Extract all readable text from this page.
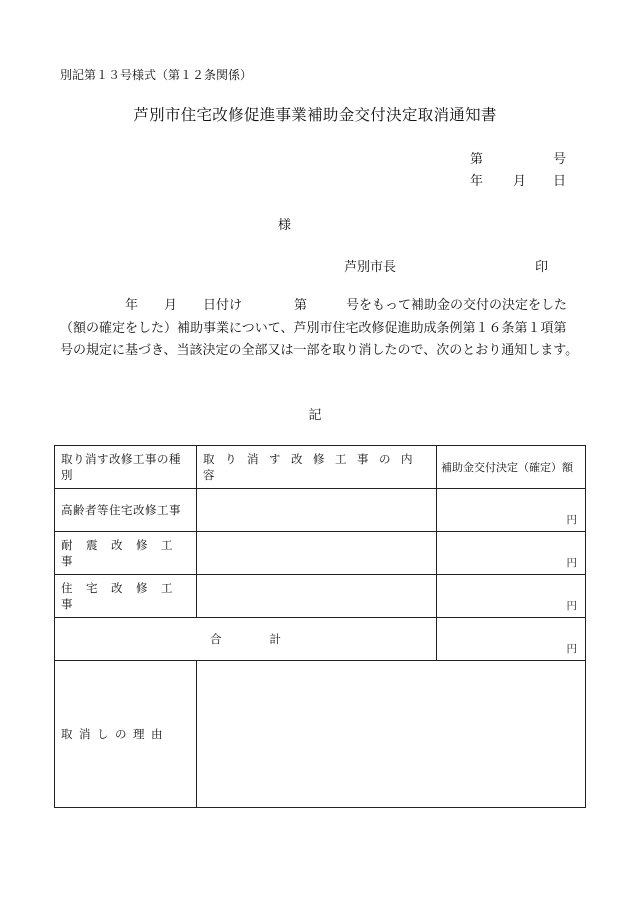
別記第１３号様式（第１２条関係）
芦別市住宅改修促進事業補助金交付決定取消通知書
第	号
年 月 日
様
芦別市長	印
　　　　　年　　月　　日付け　　　　第　　　号をもって補助金の交付の決定をした（額の確定をした）補助事業について、芦別市住宅改修促進助成条例第１６条第１項第　号の規定に基づき、当該決定の全部又は一部を取り消したので、次のとおり通知します。
記
取り消す改修工事の種別	取り消す改修工事の内容	補助金交付決定（確定）額
高齢者等住宅改修工事		円

耐震改修工事		円

住宅改修工事		円

合 計		円

取消しの理由		
